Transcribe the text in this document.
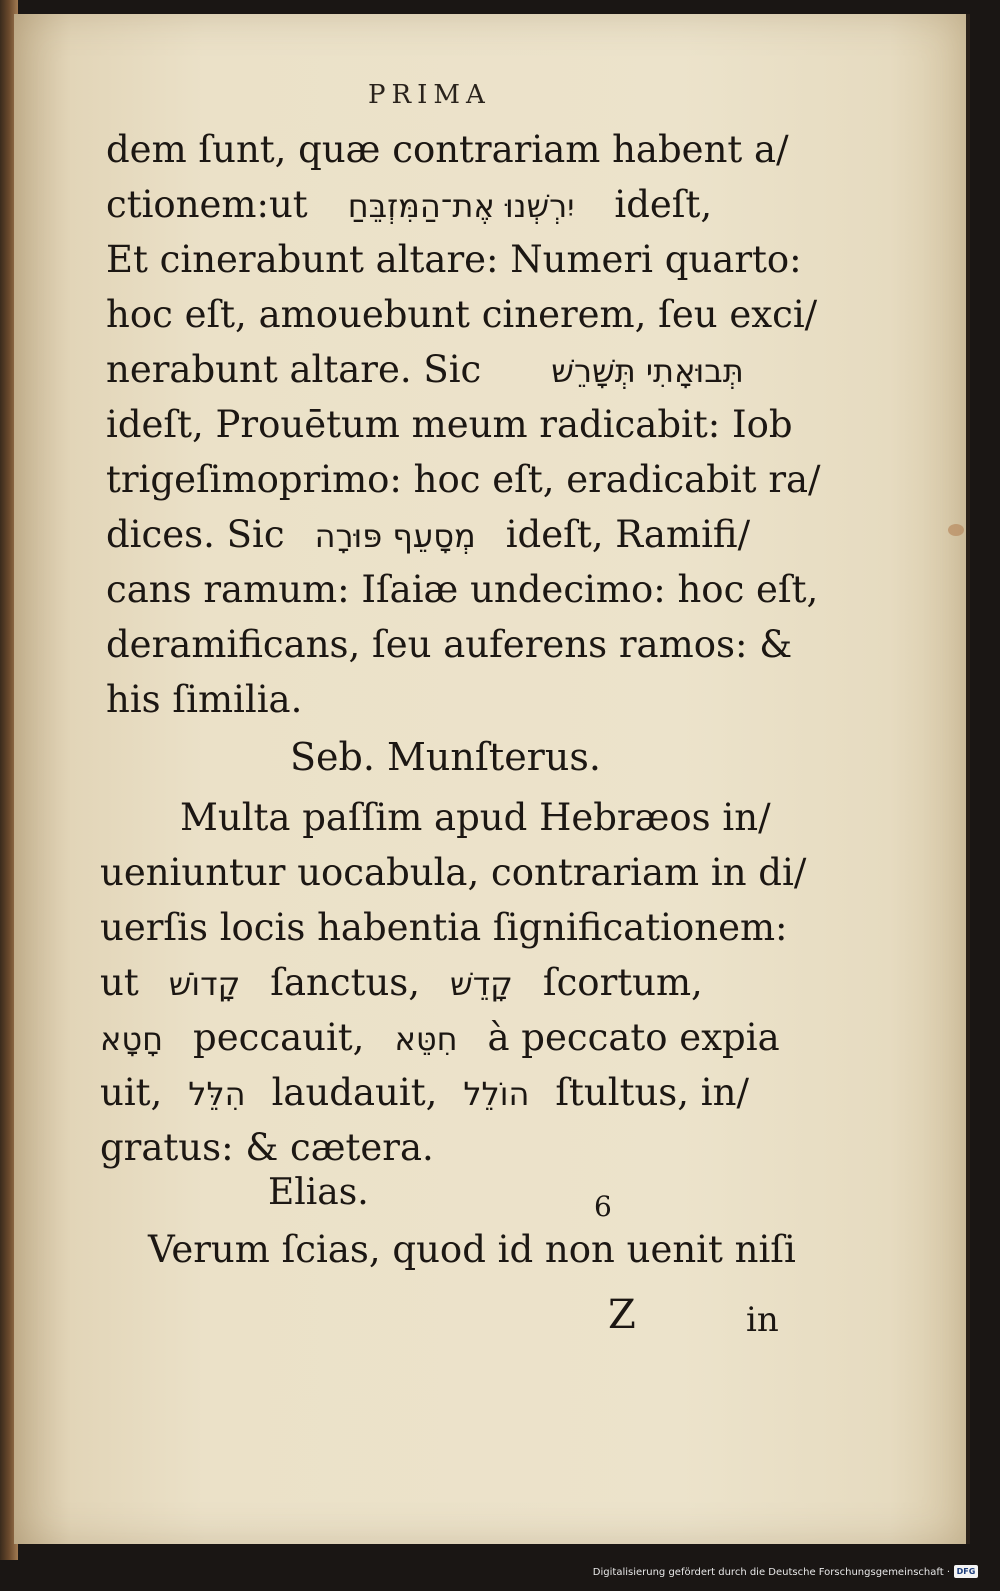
PRIMA
dem ſunt, quæ contrariam habent a/
ctionem:ut יִרְשְׁנוּ אֶת־הַמִּזְבֵּחַ ideſt,
Et cinerabunt altare: Numeri quarto:
hoc eſt, amouebunt cinerem, ſeu exci/
nerabunt altare. Sic תְּבוּאָתִי תְּשָׁרֵשׁ
ideſt, Prouētum meum radicabit: Iob
trigeſimoprimo: hoc eſt, eradicabit ra/
dices. Sic מְסָעֵף פּוּרָה ideſt, Ramifi/
cans ramum: Iſaiæ undecimo: hoc eſt,
deramificans, ſeu auferens ramos: &
his ſimilia.
Seb. Munſterus.
Multa paſſim apud Hebræos in/
ueniuntur uocabula, contrariam in di/
uerſis locis habentia ſignificationem:
ut קָדוֹשׁ ſanctus, קָדֵשׁ ſcortum,
חָטָא peccauit, חִטֵּא à peccato expia
uit, הִלֵּל laudauit, הוֹלֵל ſtultus, in/
gratus: & cætera.
Elias.	6
Verum ſcias, quod id non uenit niſi
Z	in
Digitalisierung gefördert durch die Deutsche Forschungsgemeinschaft · DFG
